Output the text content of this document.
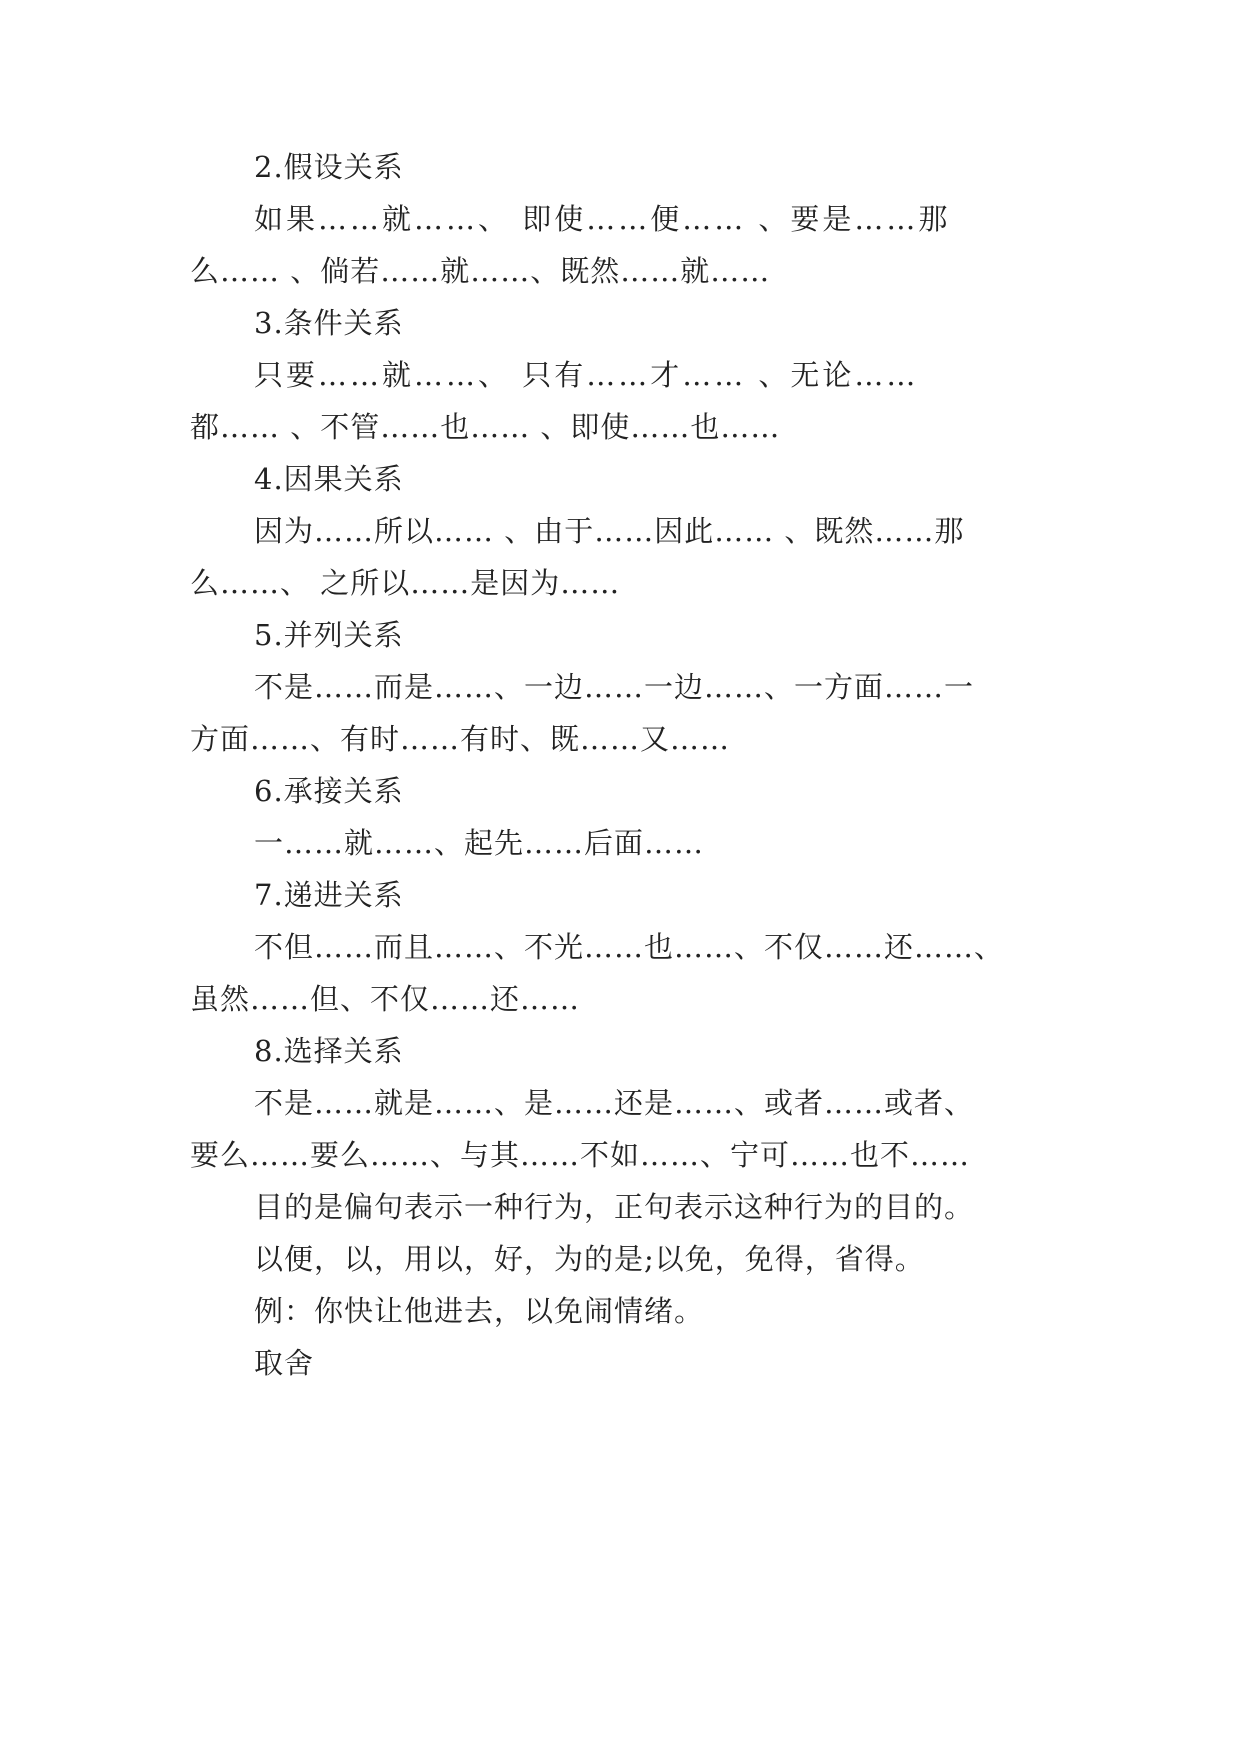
2.假设关系
如果……就……、 即使……便…… 、要是……那
么…… 、倘若……就……、既然……就……
3.条件关系
只要……就……、 只有……才…… 、无论……
都…… 、不管……也…… 、即使……也……
4.因果关系
因为……所以…… 、由于……因此…… 、既然……那
么……、 之所以……是因为……
5.并列关系
不是……而是……、一边……一边……、一方面……一
方面……、有时……有时、既……又……
6.承接关系
一……就……、起先……后面……
7.递进关系
不但……而且……、不光……也……、不仅……还……、
虽然……但、不仅……还……
8.选择关系
不是……就是……、是……还是……、或者……或者、
要么……要么……、与其……不如……、宁可……也不……
目的是偏句表示一种行为，正句表示这种行为的目的。
以便，以，用以，好，为的是;以免，免得，省得。
例：你快让他进去，以免闹情绪。
取舍
